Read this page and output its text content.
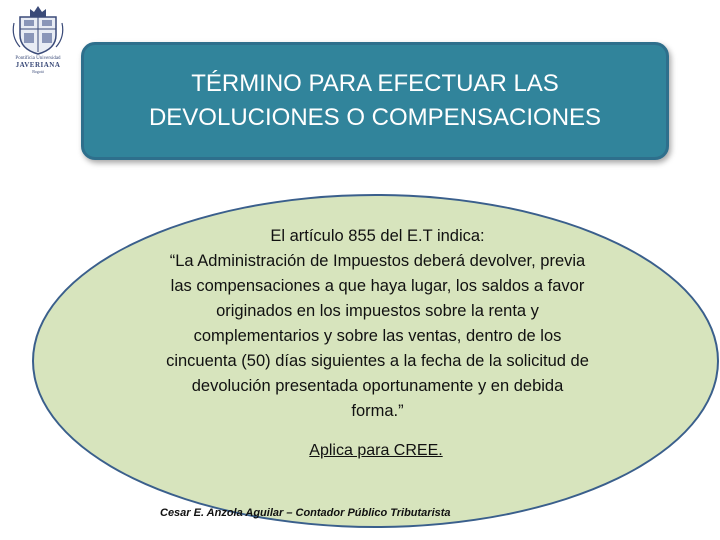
Pontificia Universidad
JAVERIANA
Bogotá	TÉRMINO PARA EFECTUAR LAS
DEVOLUCIONES O COMPENSACIONES
El artículo 855 del E.T indica:
“La Administración de Impuestos deberá devolver, previa
las compensaciones a que haya lugar, los saldos a favor
originados en los impuestos sobre la renta y
complementarios y sobre las ventas, dentro de los
cincuenta (50) días siguientes a la fecha de la solicitud de
devolución presentada oportunamente y en debida
forma.”
Aplica para CREE.
Cesar E. Anzola Aguilar – Contador Público Tributarista
